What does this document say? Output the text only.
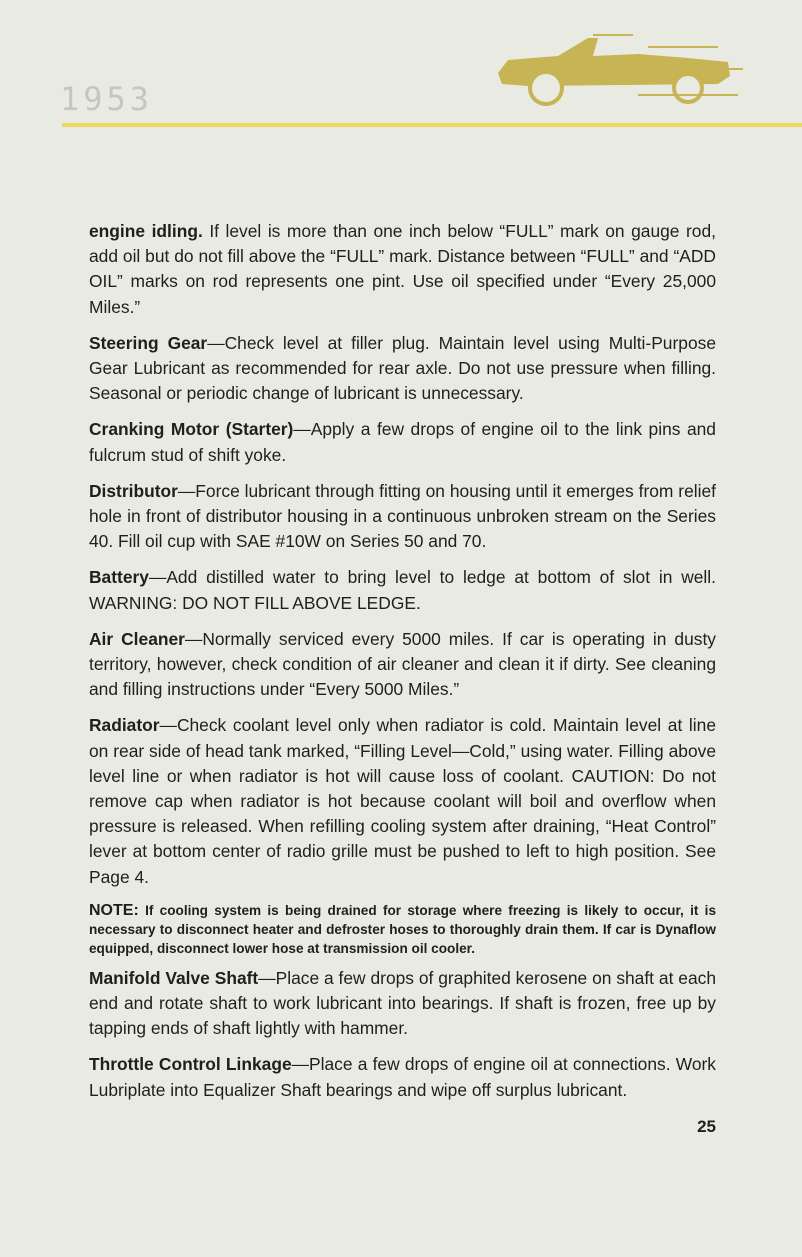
1953
engine idling. If level is more than one inch below “FULL” mark on gauge rod, add oil but do not fill above the “FULL” mark. Distance between “FULL” and “ADD OIL” marks on rod represents one pint. Use oil specified under “Every 25,000 Miles.”
Steering Gear—Check level at filler plug. Maintain level using Multi-Purpose Gear Lubricant as recommended for rear axle. Do not use pressure when filling. Seasonal or periodic change of lubricant is unnecessary.
Cranking Motor (Starter)—Apply a few drops of engine oil to the link pins and fulcrum stud of shift yoke.
Distributor—Force lubricant through fitting on housing until it emerges from relief hole in front of distributor housing in a continuous unbroken stream on the Series 40. Fill oil cup with SAE #10W on Series 50 and 70.
Battery—Add distilled water to bring level to ledge at bottom of slot in well. WARNING: DO NOT FILL ABOVE LEDGE.
Air Cleaner—Normally serviced every 5000 miles. If car is operating in dusty territory, however, check condition of air cleaner and clean it if dirty. See cleaning and filling instructions under “Every 5000 Miles.”
Radiator—Check coolant level only when radiator is cold. Maintain level at line on rear side of head tank marked, “Filling Level—Cold,” using water. Filling above level line or when radiator is hot will cause loss of coolant. CAUTION: Do not remove cap when radiator is hot because coolant will boil and overflow when pressure is released. When refilling cooling system after draining, “Heat Control” lever at bottom center of radio grille must be pushed to left to high position. See Page 4.
NOTE: If cooling system is being drained for storage where freezing is likely to occur, it is necessary to disconnect heater and defroster hoses to thoroughly drain them. If car is Dynaflow equipped, disconnect lower hose at transmission oil cooler.
Manifold Valve Shaft—Place a few drops of graphited kerosene on shaft at each end and rotate shaft to work lubricant into bearings. If shaft is frozen, free up by tapping ends of shaft lightly with hammer.
Throttle Control Linkage—Place a few drops of engine oil at connections. Work Lubriplate into Equalizer Shaft bearings and wipe off surplus lubricant.
25
